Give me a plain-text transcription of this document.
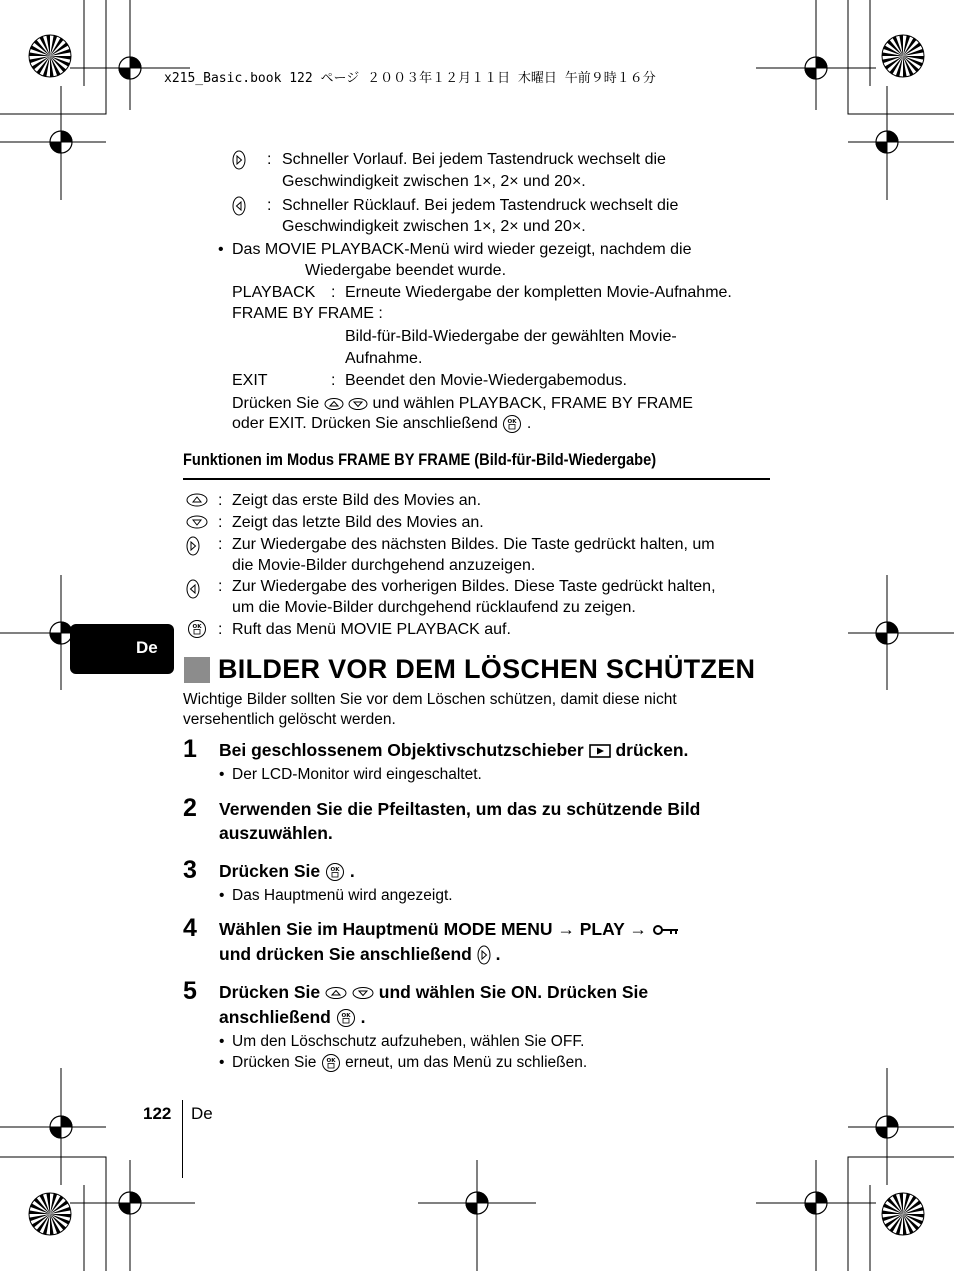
x215_Basic.book 122 ページ ２００３年１２月１１日 木曜日 午前９時１６分
: Schneller Vorlauf. Bei jedem Tastendruck wechselt die
Geschwindigkeit zwischen 1×, 2× und 20×.
: Schneller Rücklauf. Bei jedem Tastendruck wechselt die
Geschwindigkeit zwischen 1×, 2× und 20×.
• Das MOVIE PLAYBACK-Menü wird wieder gezeigt, nachdem die
Wiedergabe beendet wurde.
PLAYBACK : Erneute Wiedergabe der kompletten Movie-Aufnahme.
FRAME BY FRAME :
Bild-für-Bild-Wiedergabe der gewählten Movie-
Aufnahme.
EXIT	: Beendet den Movie-Wiedergabemodus.
Drücken Sie	und wählen PLAYBACK, FRAME BY FRAME
oder EXIT. Drücken Sie anschließend OK .
Funktionen im Modus FRAME BY FRAME (Bild-für-Bild-Wiedergabe)
: Zeigt das erste Bild des Movies an.
: Zeigt das letzte Bild des Movies an.
: Zur Wiedergabe des nächsten Bildes. Die Taste gedrückt halten, um
die Movie-Bilder durchgehend anzuzeigen.
: Zur Wiedergabe des vorherigen Bildes. Diese Taste gedrückt halten,
um die Movie-Bilder durchgehend rücklaufend zu zeigen.
OK : Ruft das Menü MOVIE PLAYBACK auf.
De
BILDER VOR DEM LÖSCHEN SCHÜTZEN
Wichtige Bilder sollten Sie vor dem Löschen schützen, damit diese nicht
versehentlich gelöscht werden.
1 Bei geschlossenem Objektivschutzschieber drücken.
• Der LCD-Monitor wird eingeschaltet.
2 Verwenden Sie die Pfeiltasten, um das zu schützende Bild
auszuwählen.
3 Drücken Sie OK .
• Das Hauptmenü wird angezeigt.
4 Wählen Sie im Hauptmenü MODE MENU → PLAY →
und drücken Sie anschließend .
5 Drücken Sie	und wählen Sie ON. Drücken Sie
anschließend OK .
• Um den Löschschutz aufzuheben, wählen Sie OFF.
• Drücken Sie OK erneut, um das Menü zu schließen.
122 De
